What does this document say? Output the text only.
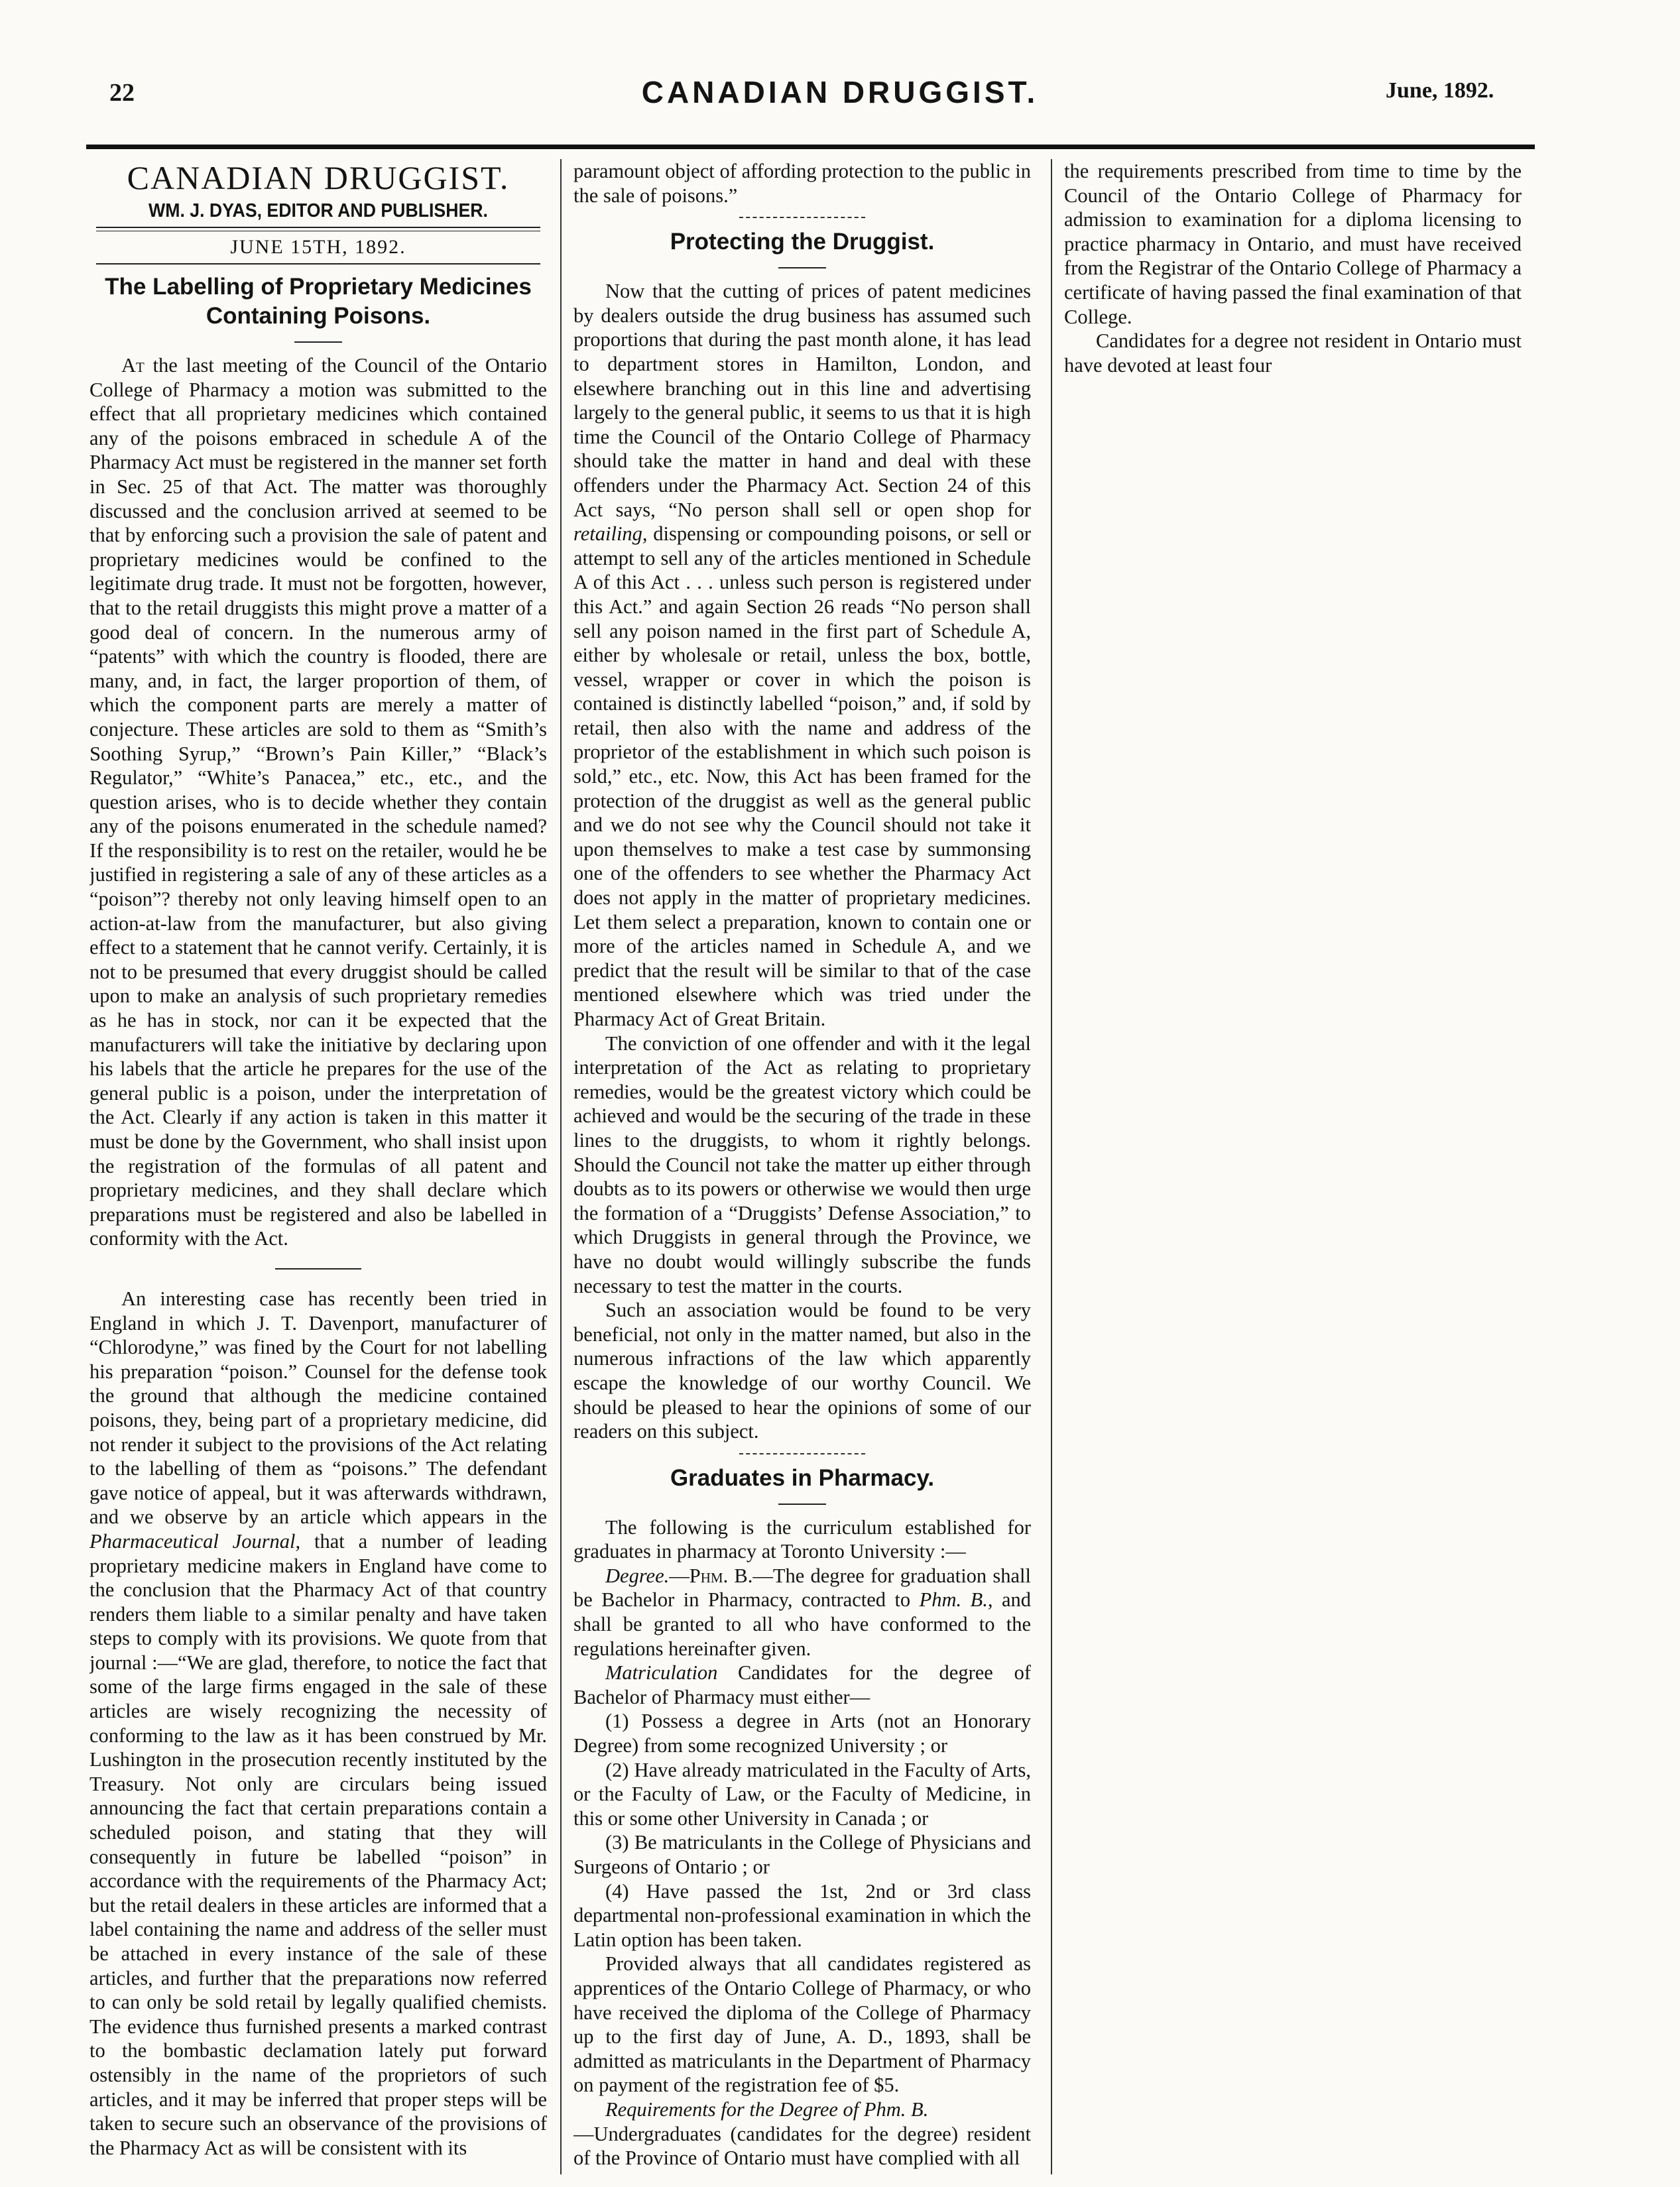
22	CANADIAN DRUGGIST.	June, 1892.
CANADIAN DRUGGIST.
WM. J. DYAS, EDITOR AND PUBLISHER.
JUNE 15TH, 1892.
The Labelling of Proprietary Medicines Containing Poisons.

At the last meeting of the Council of the Ontario College of Pharmacy a motion was submitted to the effect that all proprietary medicines which contained any of the poisons embraced in schedule A of the Pharmacy Act must be registered in the manner set forth in Sec. 25 of that Act. The matter was thoroughly discussed and the conclusion arrived at seemed to be that by enforcing such a provision the sale of patent and proprietary medicines would be confined to the legitimate drug trade. It must not be forgotten, however, that to the retail druggists this might prove a matter of a good deal of concern. In the numerous army of “patents” with which the country is flooded, there are many, and, in fact, the larger proportion of them, of which the component parts are merely a matter of conjecture. These articles are sold to them as “Smith’s Soothing Syrup,” “Brown’s Pain Killer,” “Black’s Regulator,” “White’s Panacea,” etc., etc., and the question arises, who is to decide whether they contain any of the poisons enumerated in the schedule named? If the responsibility is to rest on the retailer, would he be justified in registering a sale of any of these articles as a “poison”? thereby not only leaving himself open to an action-at-law from the manufacturer, but also giving effect to a statement that he cannot verify. Certainly, it is not to be presumed that every druggist should be called upon to make an analysis of such proprietary remedies as he has in stock, nor can it be expected that the manufacturers will take the initiative by declaring upon his labels that the article he prepares for the use of the general public is a poison, under the interpretation of the Act. Clearly if any action is taken in this matter it must be done by the Government, who shall insist upon the registration of the formulas of all patent and proprietary medicines, and they shall declare which preparations must be registered and also be labelled in conformity with the Act.

An interesting case has recently been tried in England in which J. T. Davenport, manufacturer of “Chlorodyne,” was fined by the Court for not labelling his preparation “poison.” Counsel for the defense took the ground that although the medicine contained poisons, they, being part of a proprietary medicine, did not render it subject to the provisions of the Act relating to the labelling of them as “poisons.” The defendant gave notice of appeal, but it was afterwards withdrawn, and we observe by an article which appears in the Pharmaceutical Journal, that a number of leading proprietary medicine makers in England have come to the conclusion that the Pharmacy Act of that country renders them liable to a similar penalty and have taken steps to comply with its provisions. We quote from that journal :—“We are glad, therefore, to notice the fact that some of the large firms engaged in the sale of these articles are wisely recognizing the necessity of conforming to the law as it has been construed by Mr. Lushington in the prosecution recently instituted by the Treasury. Not only are circulars being issued announcing the fact that certain preparations contain a scheduled poison, and stating that they will consequently in future be labelled “poison” in accordance with the requirements of the Pharmacy Act; but the retail dealers in these articles are informed that a label containing the name and address of the seller must be attached in every instance of the sale of these articles, and further that the preparations now referred to can only be sold retail by legally qualified chemists. The evidence thus furnished presents a marked contrast to the bombastic declamation lately put forward ostensibly in the name of the proprietors of such articles, and it may be inferred that proper steps will be taken to secure such an observance of the provisions of the Pharmacy Act as will be consistent with its

paramount object of affording protection to the public in the sale of poisons.”

Protecting the Druggist.

Now that the cutting of prices of patent medicines by dealers outside the drug business has assumed such proportions that during the past month alone, it has lead to department stores in Hamilton, London, and elsewhere branching out in this line and advertising largely to the general public, it seems to us that it is high time the Council of the Ontario College of Pharmacy should take the matter in hand and deal with these offenders under the Pharmacy Act. Section 24 of this Act says, “No person shall sell or open shop for retailing, dispensing or compounding poisons, or sell or attempt to sell any of the articles mentioned in Schedule A of this Act . . . unless such person is registered under this Act.” and again Section 26 reads “No person shall sell any poison named in the first part of Schedule A, either by wholesale or retail, unless the box, bottle, vessel, wrapper or cover in which the poison is contained is distinctly labelled “poison,” and, if sold by retail, then also with the name and address of the proprietor of the establishment in which such poison is sold,” etc., etc. Now, this Act has been framed for the protection of the druggist as well as the general public and we do not see why the Council should not take it upon themselves to make a test case by summonsing one of the offenders to see whether the Pharmacy Act does not apply in the matter of proprietary medicines. Let them select a preparation, known to contain one or more of the articles named in Schedule A, and we predict that the result will be similar to that of the case mentioned elsewhere which was tried under the Pharmacy Act of Great Britain.

The conviction of one offender and with it the legal interpretation of the Act as relating to proprietary remedies, would be the greatest victory which could be achieved and would be the securing of the trade in these lines to the druggists, to whom it rightly belongs. Should the Council not take the matter up either through doubts as to its powers or otherwise we would then urge the formation of a “Druggists’ Defense Association,” to which Druggists in general through the Province, we have no doubt would willingly subscribe the funds necessary to test the matter in the courts.

Such an association would be found to be very beneficial, not only in the matter named, but also in the numerous infractions of the law which apparently escape the knowledge of our worthy Council. We should be pleased to hear the opinions of some of our readers on this subject.

Graduates in Pharmacy.

The following is the curriculum established for graduates in pharmacy at Toronto University :—

Degree.—Phm. B.—The degree for graduation shall be Bachelor in Pharmacy, contracted to Phm. B., and shall be granted to all who have conformed to the regulations hereinafter given.

Matriculation  Candidates for the degree of Bachelor of Pharmacy must either—

(1) Possess a degree in Arts (not an Honorary Degree) from some recognized University ; or

(2) Have already matriculated in the Faculty of Arts, or the Faculty of Law, or the Faculty of Medicine, in this or some other University in Canada ; or

(3) Be matriculants in the College of Physicians and Surgeons of Ontario ; or

(4) Have passed the 1st, 2nd or 3rd class departmental non-professional examination in which the Latin option has been taken.

Provided always that all candidates registered as apprentices of the Ontario College of Pharmacy, or who have received the diploma of the College of Pharmacy up to the first day of June, A. D., 1893, shall be admitted as matriculants in the Department of Pharmacy on payment of the registration fee of $5.

Requirements for the Degree of Phm. B.
—Undergraduates (candidates for the degree) resident of the Province of Ontario must have complied with all

the requirements prescribed from time to time by the Council of the Ontario College of Pharmacy for admission to examination for a diploma licensing to practice pharmacy in Ontario, and must have received from the Registrar of the Ontario College of Pharmacy a certificate of having passed the final examination of that College.

Candidates for a degree not resident in Ontario must have devoted at least four
